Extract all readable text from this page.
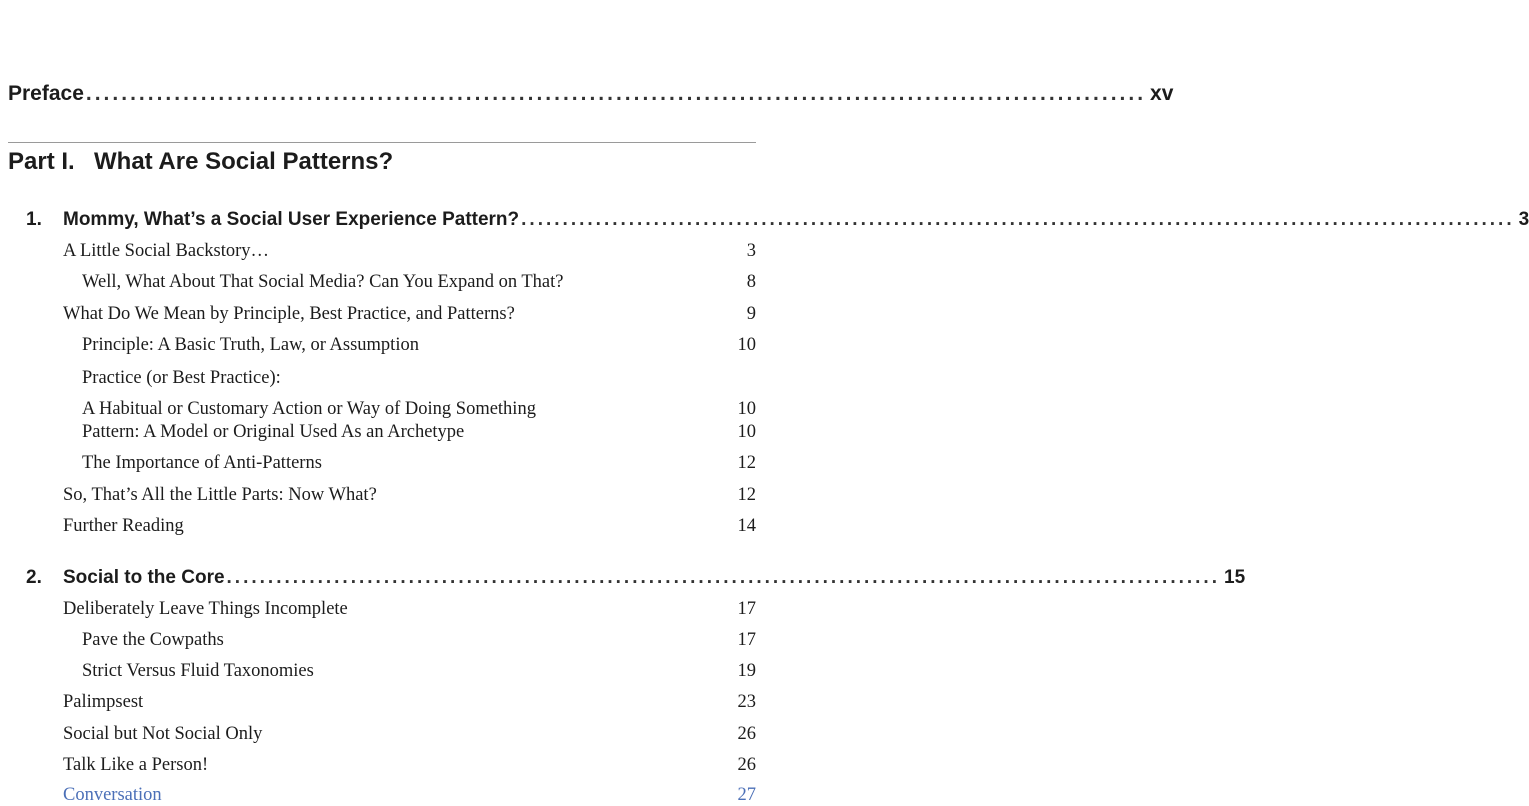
Preface ........................................................................................................................ xv
Part I. What Are Social Patterns?
1. Mommy, What’s a Social User Experience Pattern? ........................................................................................................................ 3
A Little Social Backstory…	3
Well, What About That Social Media? Can You Expand on That?	8
What Do We Mean by Principle, Best Practice, and Patterns?	9
Principle: A Basic Truth, Law, or Assumption	10
Practice (or Best Practice):
A Habitual or Customary Action or Way of Doing Something	10
Pattern: A Model or Original Used As an Archetype	10
The Importance of Anti-Patterns	12
So, That’s All the Little Parts: Now What?	12
Further Reading	14
2. Social to the Core ........................................................................................................................ 15
Deliberately Leave Things Incomplete	17
Pave the Cowpaths	17
Strict Versus Fluid Taxonomies	19
Palimpsest	23
Social but Not Social Only	26
Talk Like a Person!	26
Conversation	27
